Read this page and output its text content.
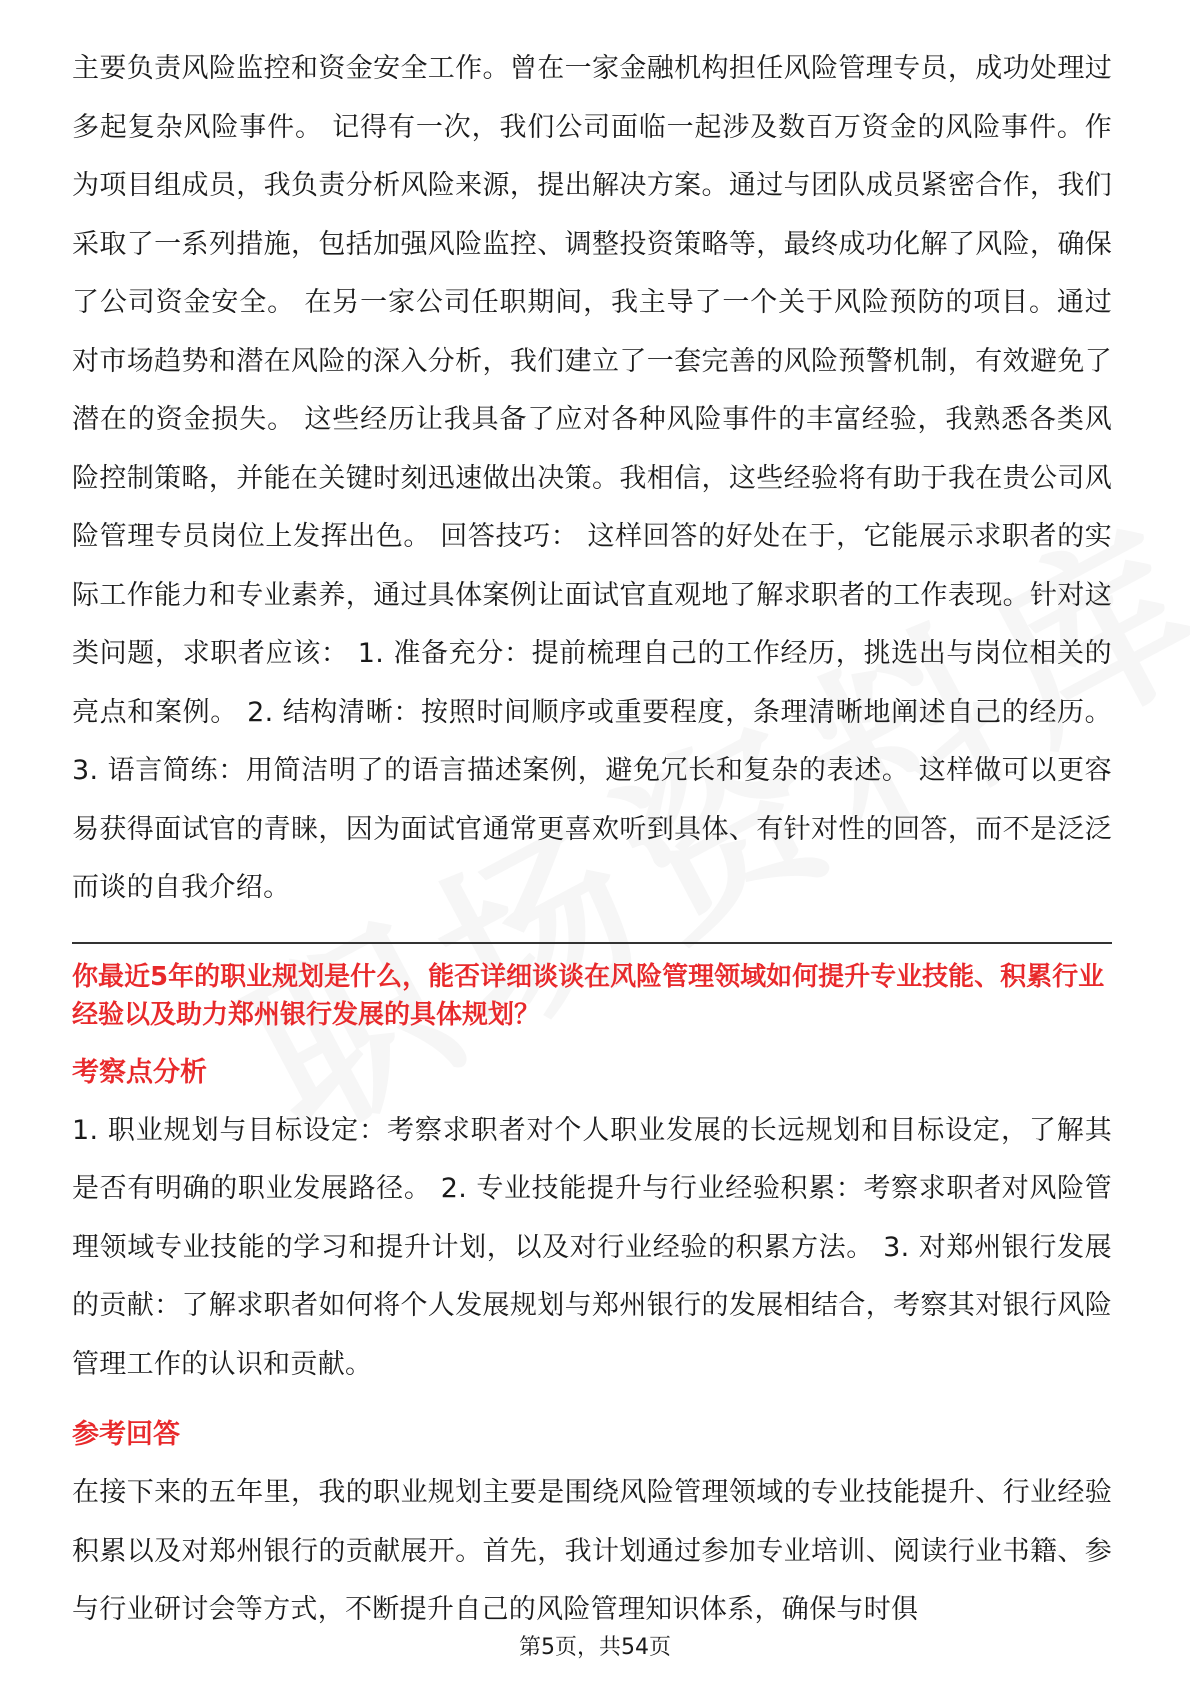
主要负责风险监控和资金安全工作。曾在一家金融机构担任风险管理专员，成功处理过多起复杂风险事件。 记得有一次，我们公司面临一起涉及数百万资金的风险事件。作为项目组成员，我负责分析风险来源，提出解决方案。通过与团队成员紧密合作，我们采取了一系列措施，包括加强风险监控、调整投资策略等，最终成功化解了风险，确保了公司资金安全。 在另一家公司任职期间，我主导了一个关于风险预防的项目。通过对市场趋势和潜在风险的深入分析，我们建立了一套完善的风险预警机制，有效避免了潜在的资金损失。 这些经历让我具备了应对各种风险事件的丰富经验，我熟悉各类风险控制策略，并能在关键时刻迅速做出决策。我相信，这些经验将有助于我在贵公司风险管理专员岗位上发挥出色。 回答技巧： 这样回答的好处在于，它能展示求职者的实际工作能力和专业素养，通过具体案例让面试官直观地了解求职者的工作表现。针对这类问题，求职者应该： 1. 准备充分：提前梳理自己的工作经历，挑选出与岗位相关的亮点和案例。 2. 结构清晰：按照时间顺序或重要程度，条理清晰地阐述自己的经历。 3. 语言简练：用简洁明了的语言描述案例，避免冗长和复杂的表述。 这样做可以更容易获得面试官的青睐，因为面试官通常更喜欢听到具体、有针对性的回答，而不是泛泛而谈的自我介绍。

你最近5年的职业规划是什么，能否详细谈谈在风险管理领域如何提升专业技能、积累行业经验以及助力郑州银行发展的具体规划？

考察点分析

1. 职业规划与目标设定：考察求职者对个人职业发展的长远规划和目标设定，了解其是否有明确的职业发展路径。 2. 专业技能提升与行业经验积累：考察求职者对风险管理领域专业技能的学习和提升计划，以及对行业经验的积累方法。 3. 对郑州银行发展的贡献：了解求职者如何将个人发展规划与郑州银行的发展相结合，考察其对银行风险管理工作的认识和贡献。

参考回答

在接下来的五年里，我的职业规划主要是围绕风险管理领域的专业技能提升、行业经验积累以及对郑州银行的贡献展开。首先，我计划通过参加专业培训、阅读行业书籍、参与行业研讨会等方式，不断提升自己的风险管理知识体系，确保与时俱

第5页，共54页
